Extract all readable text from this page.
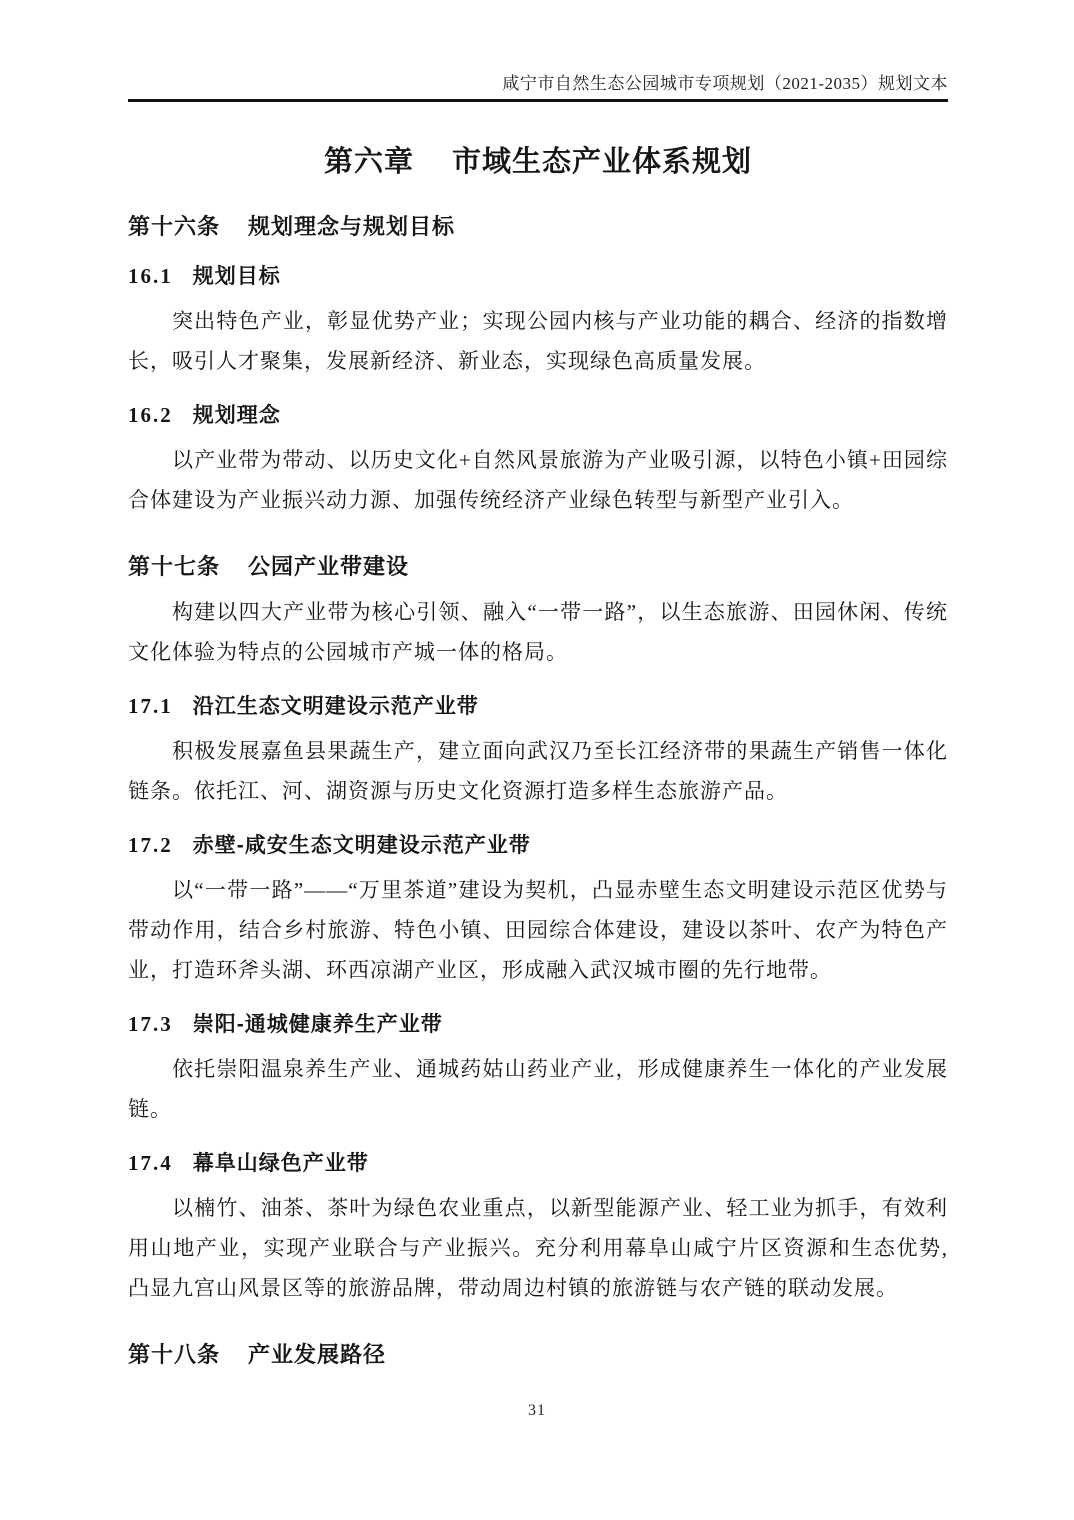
咸宁市自然生态公园城市专项规划（2021-2035）规划文本
第六章 市域生态产业体系规划
第十六条 规划理念与规划目标
16.1 规划目标

突出特色产业，彰显优势产业；实现公园内核与产业功能的耦合、经济的指数增长，吸引人才聚集，发展新经济、新业态，实现绿色高质量发展。

16.2 规划理念

以产业带为带动、以历史文化+自然风景旅游为产业吸引源，以特色小镇+田园综合体建设为产业振兴动力源、加强传统经济产业绿色转型与新型产业引入。

第十七条 公园产业带建设

构建以四大产业带为核心引领、融入“一带一路”，以生态旅游、田园休闲、传统文化体验为特点的公园城市产城一体的格局。

17.1 沿江生态文明建设示范产业带

积极发展嘉鱼县果蔬生产，建立面向武汉乃至长江经济带的果蔬生产销售一体化链条。依托江、河、湖资源与历史文化资源打造多样生态旅游产品。

17.2 赤壁-咸安生态文明建设示范产业带

以“一带一路”——“万里茶道”建设为契机，凸显赤壁生态文明建设示范区优势与带动作用，结合乡村旅游、特色小镇、田园综合体建设，建设以茶叶、农产为特色产业，打造环斧头湖、环西凉湖产业区，形成融入武汉城市圈的先行地带。

17.3 崇阳-通城健康养生产业带

依托崇阳温泉养生产业、通城药姑山药业产业，形成健康养生一体化的产业发展链。

17.4 幕阜山绿色产业带

以楠竹、油茶、茶叶为绿色农业重点，以新型能源产业、轻工业为抓手，有效利用山地产业，实现产业联合与产业振兴。充分利用幕阜山咸宁片区资源和生态优势,凸显九宫山风景区等的旅游品牌，带动周边村镇的旅游链与农产链的联动发展。

第十八条 产业发展路径
31
